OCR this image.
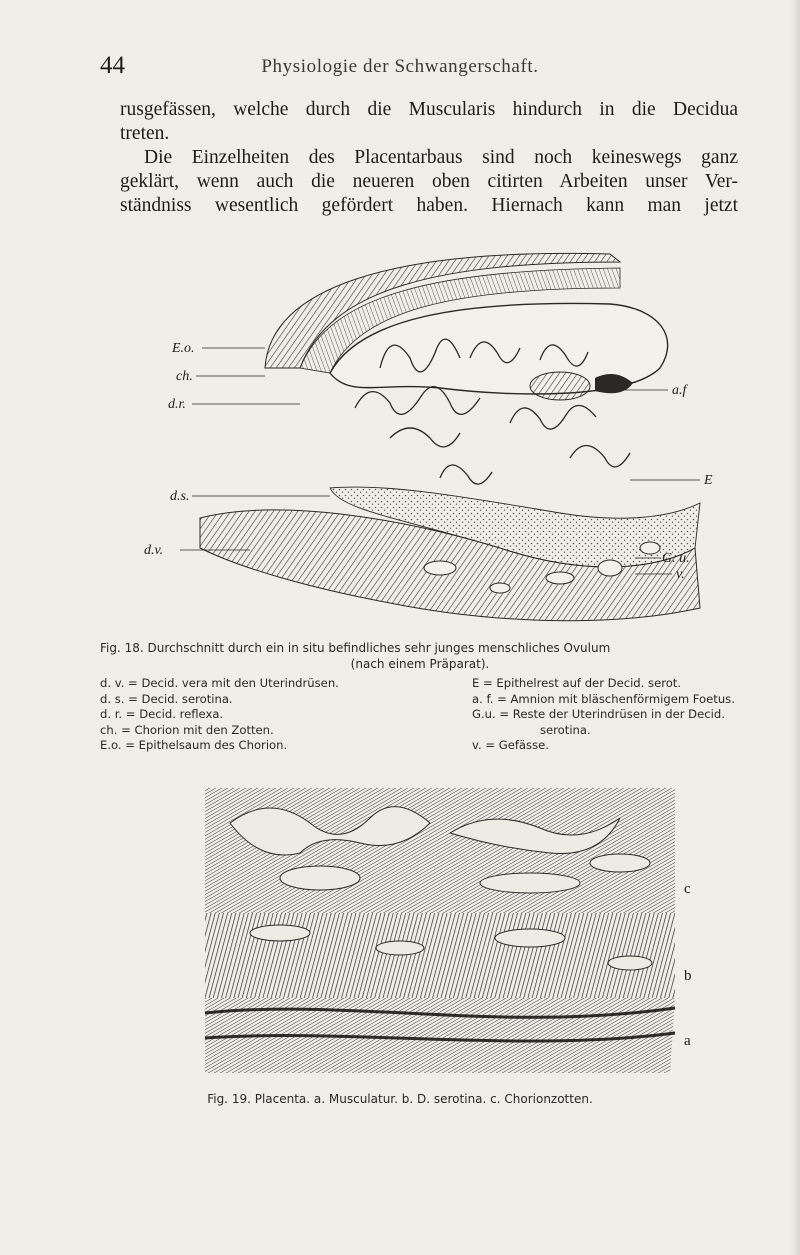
44	Physiologie der Schwangerschaft.

rusgefässen, welche durch die Muscularis hindurch in die Decidua

treten.

Die Einzelheiten des Placentarbaus sind noch keineswegs ganz

geklärt, wenn auch die neueren oben citirten Arbeiten unser Ver-

ständniss wesentlich gefördert haben. Hiernach kann man jetzt

E.o.
ch.
d.r.
d.s.
d.v.
a.f
E
G. u.
v.
Fig. 18. Durchschnitt durch ein in situ befindliches sehr junges menschliches Ovulum
(nach einem Präparat).
d. v. = Decid. vera mit den Uterindrüsen.
d. s. = Decid. serotina.
d. r. = Decid. reflexa.
ch. = Chorion mit den Zotten.
E.o. = Epithelsaum des Chorion.
E = Epithelrest auf der Decid. serot.
a. f. = Amnion mit bläschenförmigem Foetus.
G.u. = Reste der Uterindrüsen in der Decid.
serotina.
v. = Gefässe.
c
b
a
Fig. 19. Placenta. a. Musculatur. b. D. serotina. c. Chorionzotten.
